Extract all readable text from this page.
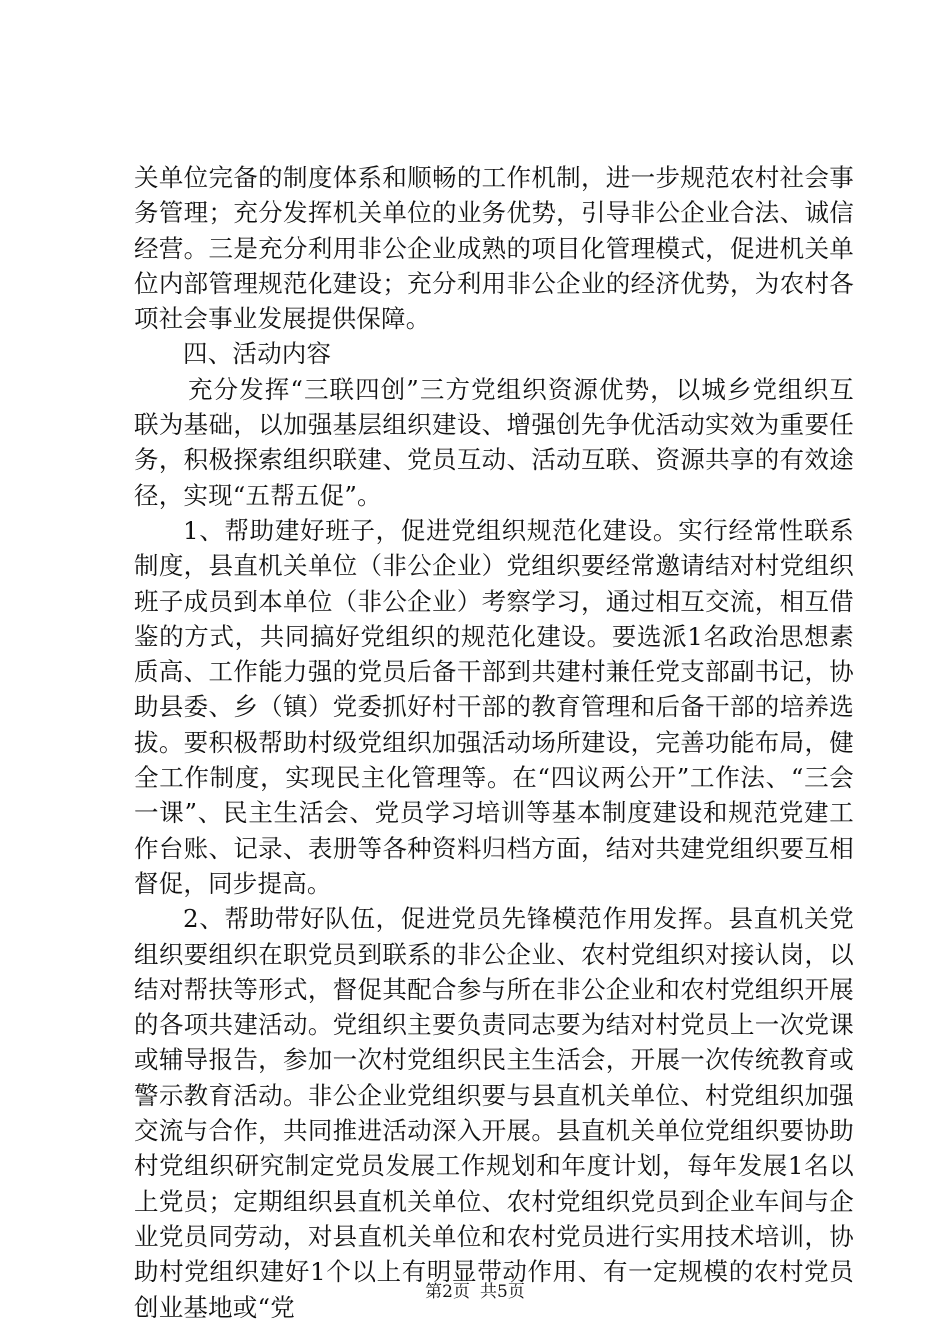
关单位完备的制度体系和顺畅的工作机制，进一步规范农村社会事务管理；充分发挥机关单位的业务优势，引导非公企业合法、诚信经营。三是充分利用非公企业成熟的项目化管理模式，促进机关单位内部管理规范化建设；充分利用非公企业的经济优势，为农村各项社会事业发展提供保障。

四、活动内容

充分发挥“三联四创”三方党组织资源优势，以城乡党组织互联为基础，以加强基层组织建设、增强创先争优活动实效为重要任务，积极探索组织联建、党员互动、活动互联、资源共享的有效途径，实现“五帮五促”。

1、帮助建好班子，促进党组织规范化建设。实行经常性联系制度，县直机关单位（非公企业）党组织要经常邀请结对村党组织班子成员到本单位（非公企业）考察学习，通过相互交流，相互借鉴的方式，共同搞好党组织的规范化建设。要选派1名政治思想素质高、工作能力强的党员后备干部到共建村兼任党支部副书记，协助县委、乡（镇）党委抓好村干部的教育管理和后备干部的培养选拔。要积极帮助村级党组织加强活动场所建设，完善功能布局，健全工作制度，实现民主化管理等。在“四议两公开”工作法、“三会一课”、民主生活会、党员学习培训等基本制度建设和规范党建工作台账、记录、表册等各种资料归档方面，结对共建党组织要互相督促，同步提高。

2、帮助带好队伍，促进党员先锋模范作用发挥。县直机关党组织要组织在职党员到联系的非公企业、农村党组织对接认岗，以结对帮扶等形式，督促其配合参与所在非公企业和农村党组织开展的各项共建活动。党组织主要负责同志要为结对村党员上一次党课或辅导报告，参加一次村党组织民主生活会，开展一次传统教育或警示教育活动。非公企业党组织要与县直机关单位、村党组织加强交流与合作，共同推进活动深入开展。县直机关单位党组织要协助村党组织研究制定党员发展工作规划和年度计划，每年发展1名以上党员；定期组织县直机关单位、农村党组织党员到企业车间与企业党员同劳动，对县直机关单位和农村党员进行实用技术培训，协助村党组织建好1个以上有明显带动作用、有一定规模的农村党员创业基地或“党

第2页 共5页
